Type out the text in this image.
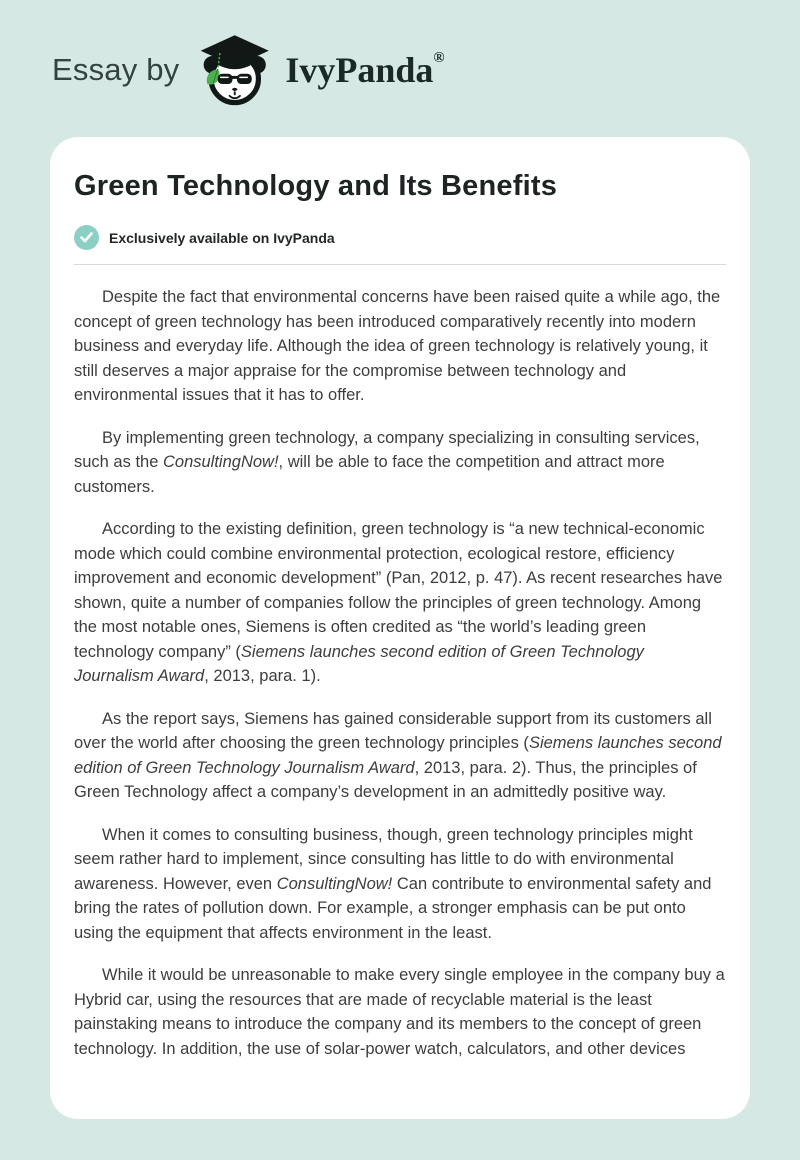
Essay by	IvyPanda®
Green Technology and Its Benefits
Exclusively available on IvyPanda

Despite the fact that environmental concerns have been raised quite a while ago, the concept of green technology has been introduced comparatively recently into modern business and everyday life. Although the idea of green technology is relatively young, it still deserves a major appraise for the compromise between technology and environmental issues that it has to offer.

By implementing green technology, a company specializing in consulting services, such as the ConsultingNow!, will be able to face the competition and attract more customers.

According to the existing definition, green technology is “a new technical-economic mode which could combine environmental protection, ecological restore, efficiency improvement and economic development” (Pan, 2012, p. 47). As recent researches have shown, quite a number of companies follow the principles of green technology. Among the most notable ones, Siemens is often credited as “the world’s leading green technology company” (Siemens launches second edition of Green Technology Journalism Award, 2013, para. 1).

As the report says, Siemens has gained considerable support from its customers all over the world after choosing the green technology principles (Siemens launches second edition of Green Technology Journalism Award, 2013, para. 2). Thus, the principles of Green Technology affect a company’s development in an admittedly positive way.

When it comes to consulting business, though, green technology principles might seem rather hard to implement, since consulting has little to do with environmental awareness. However, even ConsultingNow! Can contribute to environmental safety and bring the rates of pollution down. For example, a stronger emphasis can be put onto using the equipment that affects environment in the least.

While it would be unreasonable to make every single employee in the company buy a Hybrid car, using the resources that are made of recyclable material is the least painstaking means to introduce the company and its members to the concept of green technology. In addition, the use of solar-power watch, calculators, and other devices
